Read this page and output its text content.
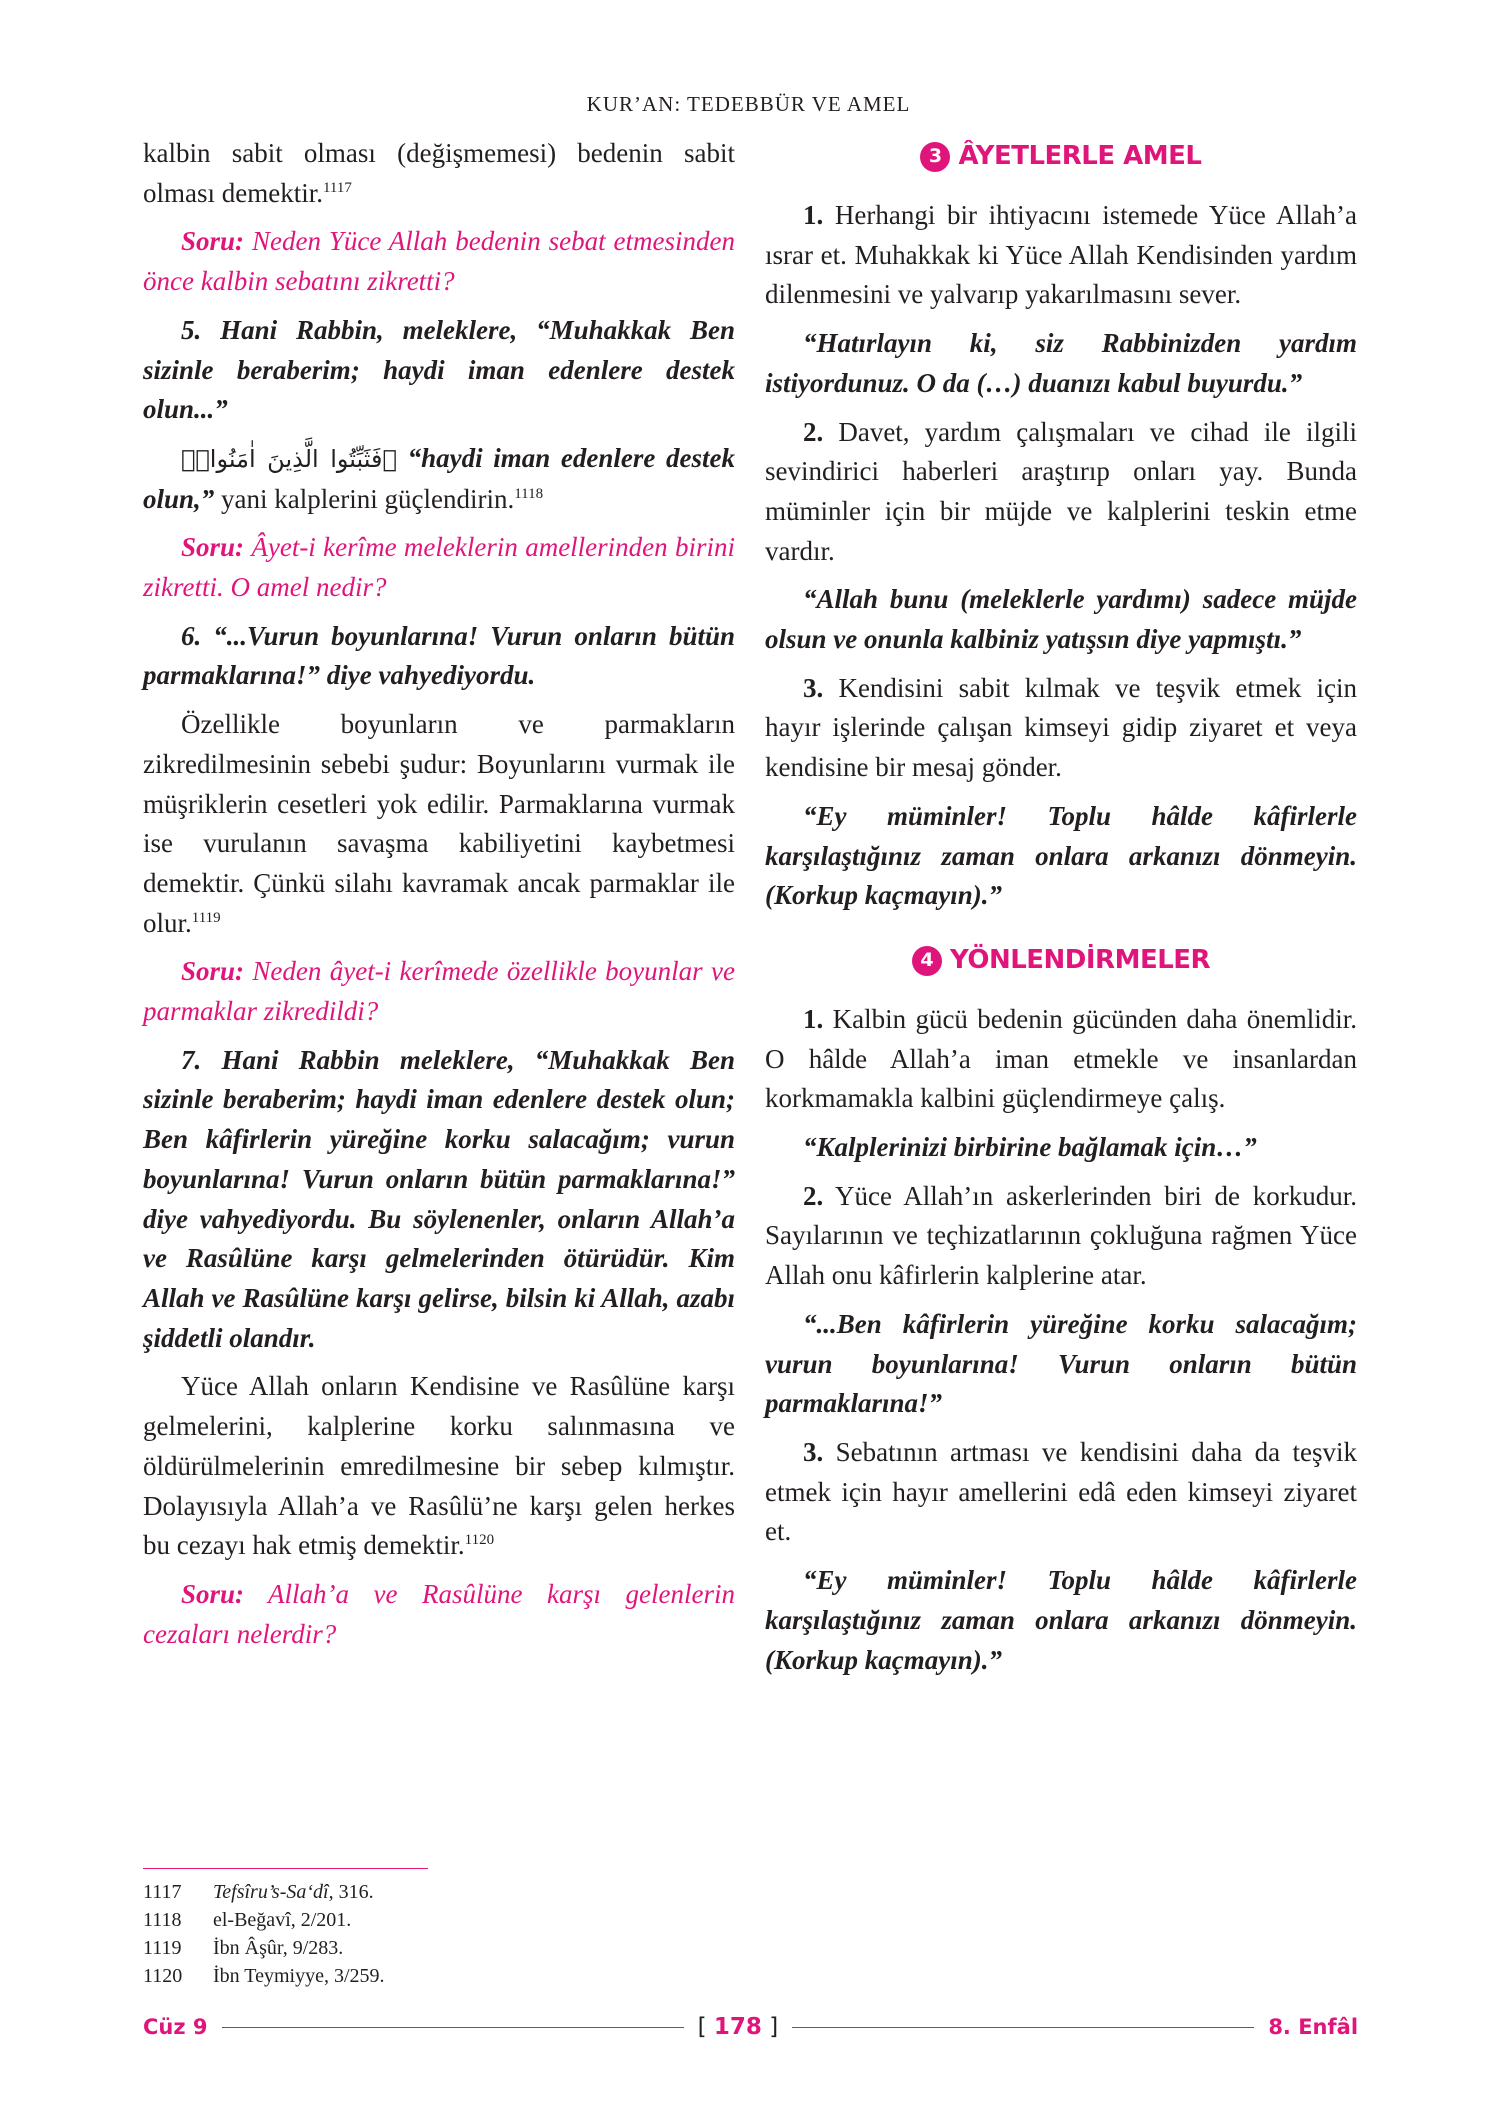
KUR’AN: TEDEBBÜR VE AMEL

kalbin sabit olması (değişmemesi) bedenin sabit olması demektir.$^{1117}$

Soru: Neden Yüce Allah bedenin sebat etmesinden önce kalbin sebatını zikretti?

5. Hani Rabbin, meleklere, “Muhakkak Ben sizinle beraberim; haydi iman edenlere destek olun...”

﴿فَثَبِّتُوا الَّذِينَ اٰمَنُواۜ﴾ “haydi iman edenlere destek olun,” yani kalplerini güçlendirin.$^{1118}$

Soru: Âyet-i kerîme meleklerin amellerinden birini zikretti. O amel nedir?

6. “...Vurun boyunlarına! Vurun onların bütün parmaklarına!” diye vahyediyordu.

Özellikle boyunların ve parmakların zikredilmesinin sebebi şudur: Boyunlarını vurmak ile müşriklerin cesetleri yok edilir. Parmaklarına vurmak ise vurulanın savaşma kabiliyetini kaybetmesi demektir. Çünkü silahı kavramak ancak parmaklar ile olur.$^{1119}$

Soru: Neden âyet-i kerîmede özellikle boyunlar ve parmaklar zikredildi?

7. Hani Rabbin meleklere, “Muhakkak Ben sizinle beraberim; haydi iman edenlere destek olun; Ben kâfirlerin yüreğine korku salacağım; vurun boyunlarına! Vurun onların bütün parmaklarına!” diye vahyediyordu. Bu söylenenler, onların Allah’a ve Rasûlüne karşı gelmelerinden ötürüdür. Kim Allah ve Rasûlüne karşı gelirse, bilsin ki Allah, azabı şiddetli olandır.

Yüce Allah onların Kendisine ve Rasûlüne karşı gelmelerini, kalplerine korku salınmasına ve öldürülmelerinin emredilmesine bir sebep kılmıştır. Dolayısıyla Allah’a ve Rasûlü’ne karşı gelen herkes bu cezayı hak etmiş demektir.$^{1120}$

Soru: Allah’a ve Rasûlüne karşı gelenlerin cezaları nelerdir?

3 ÂYETLERLE AMEL

1. Herhangi bir ihtiyacını istemede Yüce Allah’a ısrar et. Muhakkak ki Yüce Allah Kendisinden yardım dilenmesini ve yalvarıp yakarılmasını sever.

“Hatırlayın ki, siz Rabbinizden yardım istiyordunuz. O da (…) duanızı kabul buyurdu.”

2. Davet, yardım çalışmaları ve cihad ile ilgili sevindirici haberleri araştırıp onları yay. Bunda müminler için bir müjde ve kalplerini teskin etme vardır.

“Allah bunu (meleklerle yardımı) sadece müjde olsun ve onunla kalbiniz yatışsın diye yapmıştı.”

3. Kendisini sabit kılmak ve teşvik etmek için hayır işlerinde çalışan kimseyi gidip ziyaret et veya kendisine bir mesaj gönder.

“Ey müminler! Toplu hâlde kâfirlerle karşılaştığınız zaman onlara arkanızı dönmeyin. (Korkup kaçmayın).”

4 YÖNLENDİRMELER

1. Kalbin gücü bedenin gücünden daha önemlidir. O hâlde Allah’a iman etmekle ve insanlardan korkmamakla kalbini güçlendirmeye çalış.

“Kalplerinizi birbirine bağlamak için…”

2. Yüce Allah’ın askerlerinden biri de korkudur. Sayılarının ve teçhizatlarının çokluğuna rağmen Yüce Allah onu kâfirlerin kalplerine atar.

“...Ben kâfirlerin yüreğine korku salacağım; vurun boyunlarına! Vurun onların bütün parmaklarına!”

3. Sebatının artması ve kendisini daha da teşvik etmek için hayır amellerini edâ eden kimseyi ziyaret et.

“Ey müminler! Toplu hâlde kâfirlerle karşılaştığınız zaman onlara arkanızı dönmeyin. (Korkup kaçmayın).”

1117	Tefsîru’s-Sa‘dî, 316.
1118	el-Beğavî, 2/201.
1119	İbn Âşûr, 9/283.
1120	İbn Teymiyye, 3/259.
Cüz 9	[ 178 ]	8. Enfâl
